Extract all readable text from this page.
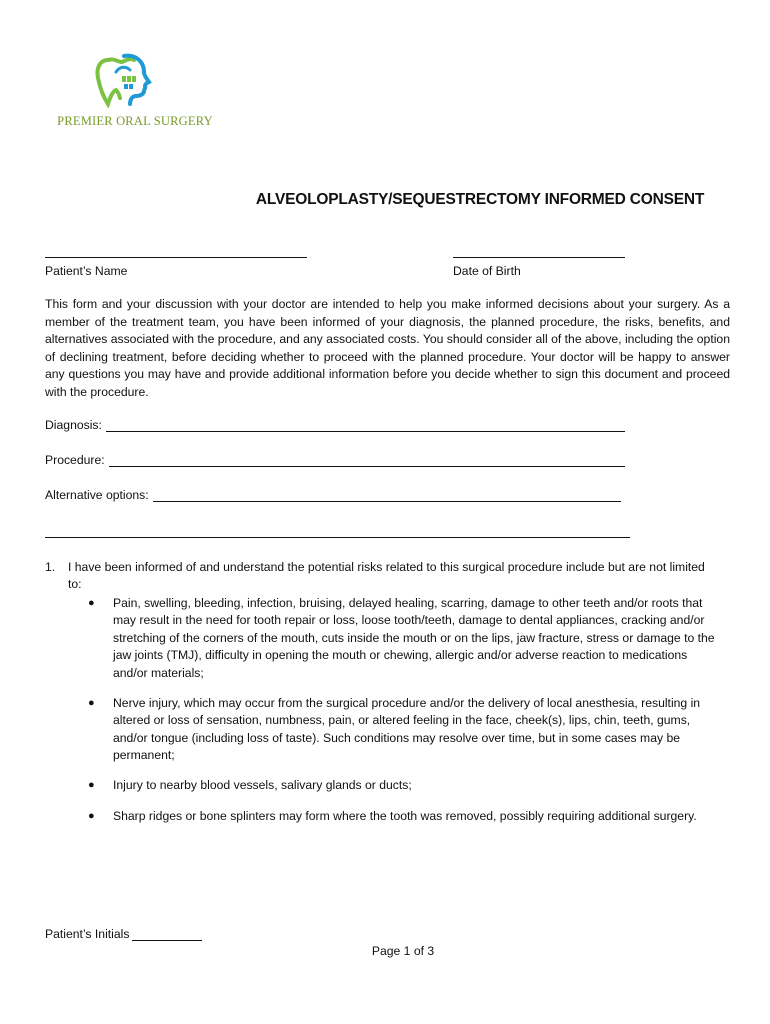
PREMIER ORAL SURGERY
ALVEOLOPLASTY/SEQUESTRECTOMY INFORMED CONSENT
Patient’s Name	Date of Birth
This form and your discussion with your doctor are intended to help you make informed decisions about your surgery. As a member of the treatment team, you have been informed of your diagnosis, the planned procedure, the risks, benefits, and alternatives associated with the procedure, and any associated costs. You should consider all of the above, including the option of declining treatment, before deciding whether to proceed with the planned procedure. Your doctor will be happy to answer any questions you may have and provide additional information before you decide whether to sign this document and proceed with the procedure.
Diagnosis:
Procedure:
Alternative options:
1. I have been informed of and understand the potential risks related to this surgical procedure include but are not limited to:
● Pain, swelling, bleeding, infection, bruising, delayed healing, scarring, damage to other teeth and/or roots that may result in the need for tooth repair or loss, loose tooth/teeth, damage to dental appliances, cracking and/or stretching of the corners of the mouth, cuts inside the mouth or on the lips, jaw fracture, stress or damage to the jaw joints (TMJ), difficulty in opening the mouth or chewing, allergic and/or adverse reaction to medications and/or materials;
● Nerve injury, which may occur from the surgical procedure and/or the delivery of local anesthesia, resulting in altered or loss of sensation, numbness, pain, or altered feeling in the face, cheek(s), lips, chin, teeth, gums, and/or tongue (including loss of taste). Such conditions may resolve over time, but in some cases may be permanent;
● Injury to nearby blood vessels, salivary glands or ducts;
● Sharp ridges or bone splinters may form where the tooth was removed, possibly requiring additional surgery.
Patient’s Initials
Page 1 of 3
